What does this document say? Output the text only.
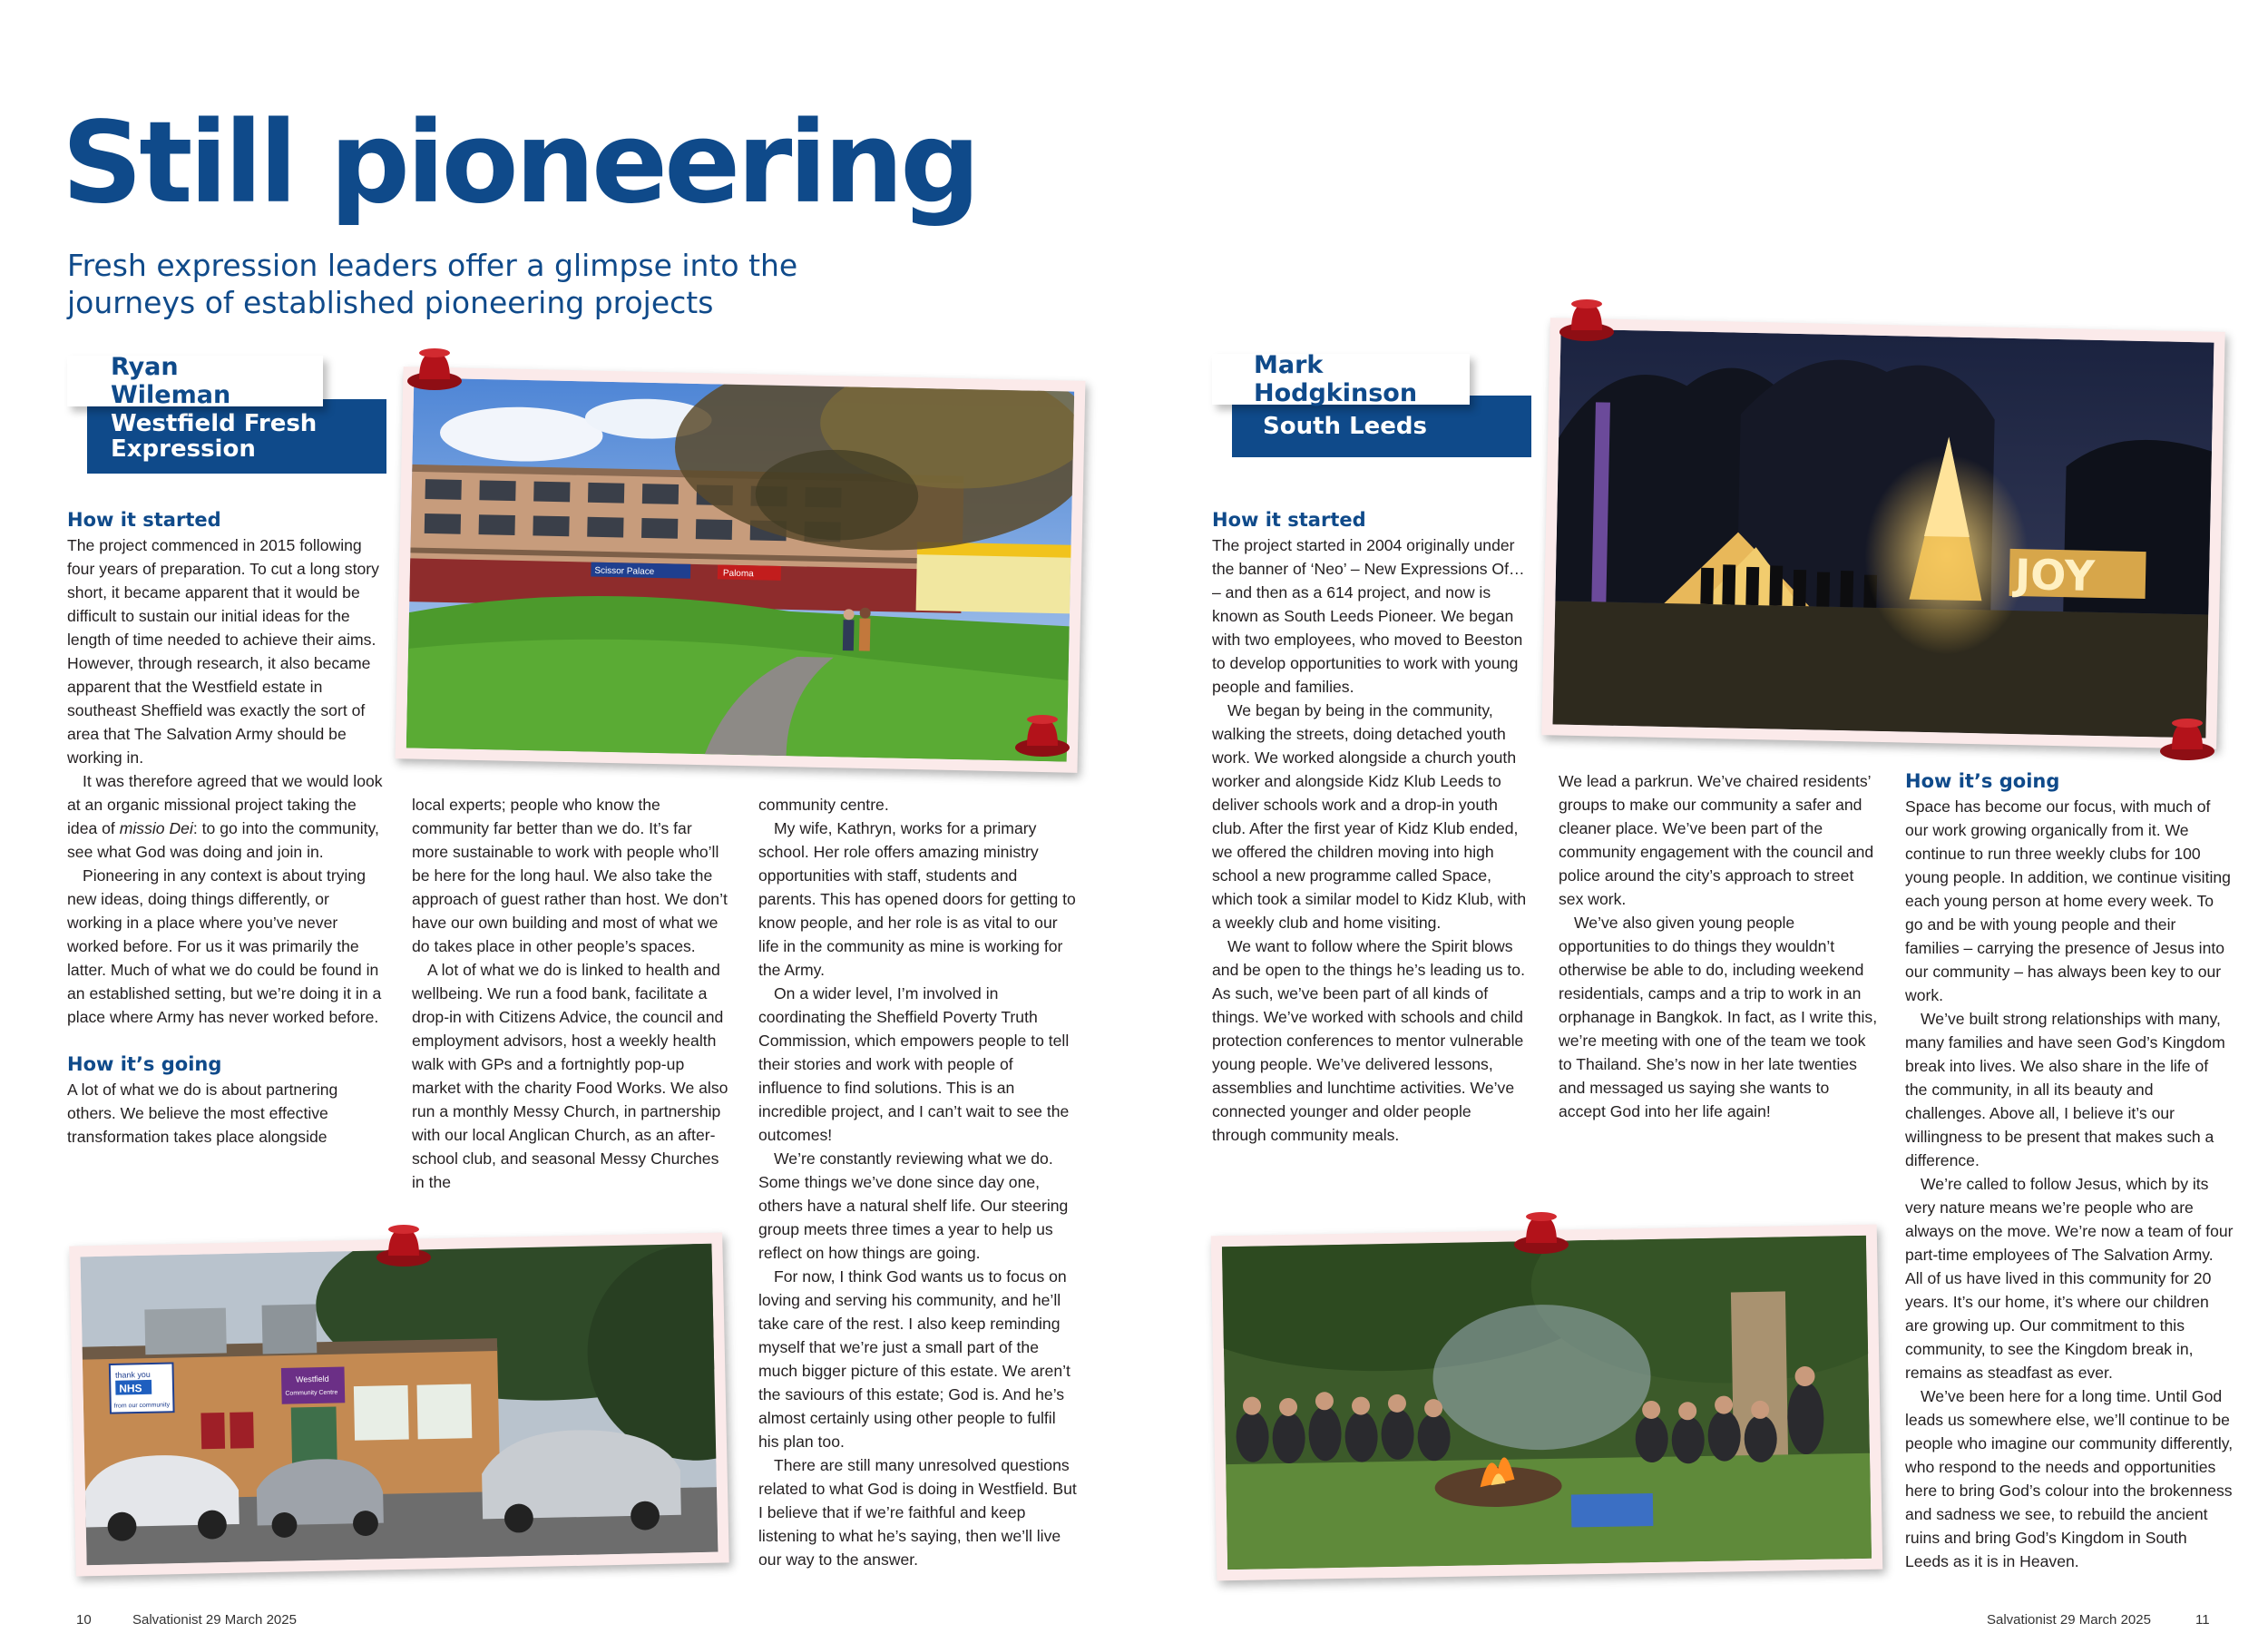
Still pioneering

Fresh expression leaders offer a glimpse into the journeys of established pioneering projects

Westfield Fresh Expression
Ryan Wileman
South Leeds
Mark Hodgkinson
Scissor Palace	Paloma
thank you
NHS
from our community
Westfield
Community Centre
JOY
How it started

The project commenced in 2015 following four years of preparation. To cut a long story short, it became apparent that it would be difficult to sustain our initial ideas for the length of time needed to achieve their aims. However, through research, it also became apparent that the Westfield estate in southeast Sheffield was exactly the sort of area that The Salvation Army should be working in.

It was therefore agreed that we would look at an organic missional project taking the idea of missio Dei: to go into the community, see what God was doing and join in.

Pioneering in any context is about trying new ideas, doing things differently, or working in a place where you’ve never worked before. For us it was primarily the latter. Much of what we do could be found in an established setting, but we’re doing it in a place where Army has never worked before.

How it’s going

A lot of what we do is about partnering others. We believe the most effective transformation takes place alongside

local experts; people who know the community far better than we do. It’s far more sustainable to work with people who’ll be here for the long haul. We also take the approach of guest rather than host. We don’t have our own building and most of what we do takes place in other people’s spaces.

A lot of what we do is linked to health and wellbeing. We run a food bank, facilitate a drop-in with Citizens Advice, the council and employment advisors, host a weekly health walk with GPs and a fortnightly pop-up market with the charity Food Works. We also run a monthly Messy Church, in partnership with our local Anglican Church, as an after-school club, and seasonal Messy Churches in the

community centre.

My wife, Kathryn, works for a primary school. Her role offers amazing ministry opportunities with staff, students and parents. This has opened doors for getting to know people, and her role is as vital to our life in the community as mine is working for the Army.

On a wider level, I’m involved in coordinating the Sheffield Poverty Truth Commission, which empowers people to tell their stories and work with people of influence to find solutions. This is an incredible project, and I can’t wait to see the outcomes!

We’re constantly reviewing what we do. Some things we’ve done since day one, others have a natural shelf life. Our steering group meets three times a year to help us reflect on how things are going.

For now, I think God wants us to focus on loving and serving his community, and he’ll take care of the rest. I also keep reminding myself that we’re just a small part of the much bigger picture of this estate. We aren’t the saviours of this estate; God is. And he’s almost certainly using other people to fulfil his plan too.

There are still many unresolved questions related to what God is doing in Westfield. But I believe that if we’re faithful and keep listening to what he’s saying, then we’ll live our way to the answer.

How it started

The project started in 2004 originally under the banner of ‘Neo’ – New Expressions Of… – and then as a 614 project, and now is known as South Leeds Pioneer. We began with two employees, who moved to Beeston to develop opportunities to work with young people and families.

We began by being in the community, walking the streets, doing detached youth work. We worked alongside a church youth worker and alongside Kidz Klub Leeds to deliver schools work and a drop-in youth club. After the first year of Kidz Klub ended, we offered the children moving into high school a new programme called Space, which took a similar model to Kidz Klub, with a weekly club and home visiting.

We want to follow where the Spirit blows and be open to the things he’s leading us to. As such, we’ve been part of all kinds of things. We’ve worked with schools and child protection conferences to mentor vulnerable young people. We’ve delivered lessons, assemblies and lunchtime activities. We’ve connected younger and older people through community meals.

We lead a parkrun. We’ve chaired residents’ groups to make our community a safer and cleaner place. We’ve been part of the community engagement with the council and police around the city’s approach to street sex work.

We’ve also given young people opportunities to do things they wouldn’t otherwise be able to do, including weekend residentials, camps and a trip to work in an orphanage in Bangkok. In fact, as I write this, we’re meeting with one of the team we took to Thailand. She’s now in her late twenties and messaged us saying she wants to accept God into her life again!

How it’s going

Space has become our focus, with much of our work growing organically from it. We continue to run three weekly clubs for 100 young people. In addition, we continue visiting each young person at home every week. To go and be with young people and their families – carrying the presence of Jesus into our community – has always been key to our work.

We’ve built strong relationships with many, many families and have seen God’s Kingdom break into lives. We also share in the life of the community, in all its beauty and challenges. Above all, I believe it’s our willingness to be present that makes such a difference.

We’re called to follow Jesus, which by its very nature means we’re people who are always on the move. We’re now a team of four part-time employees of The Salvation Army. All of us have lived in this community for 20 years. It’s our home, it’s where our children are growing up. Our commitment to this community, to see the Kingdom break in, remains as steadfast as ever.

We’ve been here for a long time. Until God leads us somewhere else, we’ll continue to be people who imagine our community differently, who respond to the needs and opportunities here to bring God’s colour into the brokenness and sadness we see, to rebuild the ancient ruins and bring God’s Kingdom in South Leeds as it is in Heaven.

10	Salvationist 29 March 2025	Salvationist 29 March 2025	11
